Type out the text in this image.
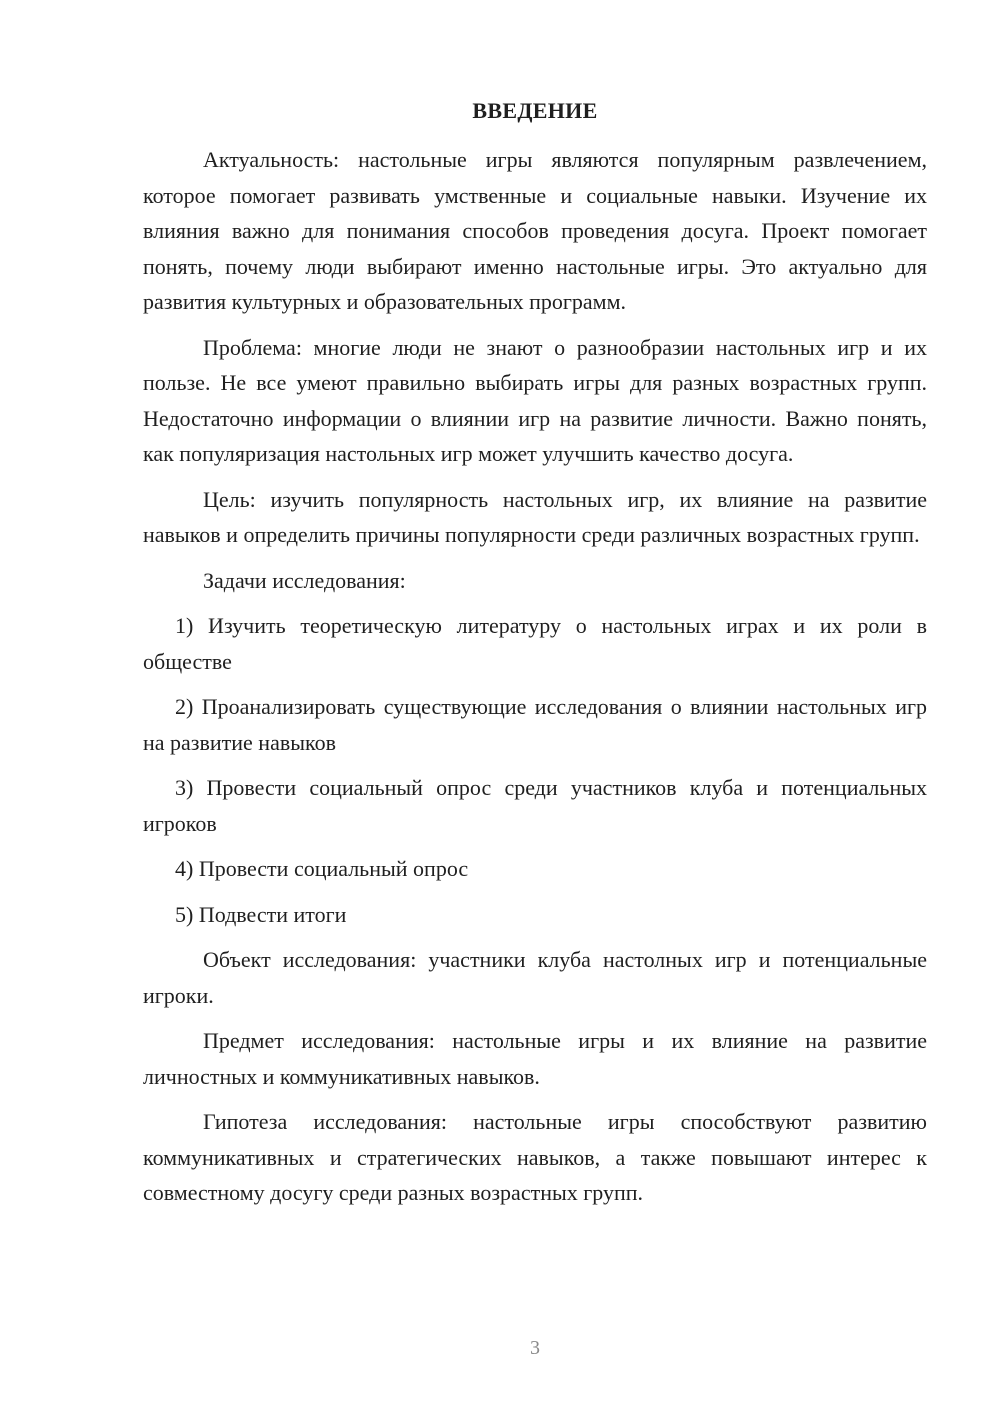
ВВЕДЕНИЕ

Актуальность: настольные игры являются популярным развлечением, которое помогает развивать умственные и социальные навыки. Изучение их влияния важно для понимания способов проведения досуга. Проект помогает понять, почему люди выбирают именно настольные игры. Это актуально для развития культурных и образовательных программ.

Проблема: многие люди не знают о разнообразии настольных игр и их пользе. Не все умеют правильно выбирать игры для разных возрастных групп. Недостаточно информации о влиянии игр на развитие личности. Важно понять, как популяризация настольных игр может улучшить качество досуга.

Цель: изучить популярность настольных игр, их влияние на развитие навыков и определить причины популярности среди различных возрастных групп.

Задачи исследования:

1) Изучить теоретическую литературу о настольных играх и их роли в обществе

2) Проанализировать существующие исследования о влиянии настольных игр на развитие навыков

3) Провести социальный опрос среди участников клуба и потенциальных игроков

4) Провести социальный опрос

5) Подвести итоги

Объект исследования: участники клуба настолных игр и потенциальные игроки.

Предмет исследования: настольные игры и их влияние на развитие личностных и коммуникативных навыков.

Гипотеза исследования: настольные игры способствуют развитию коммуникативных и стратегических навыков, а также повышают интерес к совместному досугу среди разных возрастных групп.

3
